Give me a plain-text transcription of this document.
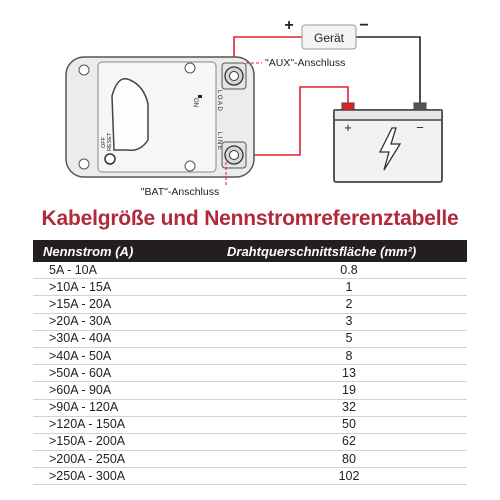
Gerät
+	−
ON
OFF RESET
LOAD
LINE
"AUX"-Anschluss
"BAT"-Anschluss
+	−
Kabelgröße und Nennstromreferenztabelle
Nennstrom (A)	Drahtquerschnittsfläche (mm²)
5A - 10A	0.8
>10A - 15A	1
>15A - 20A	2
>20A - 30A	3
>30A - 40A	5
>40A - 50A	8
>50A - 60A	13
>60A - 90A	19
>90A - 120A	32
>120A - 150A	50
>150A - 200A	62
>200A - 250A	80
>250A - 300A	102
